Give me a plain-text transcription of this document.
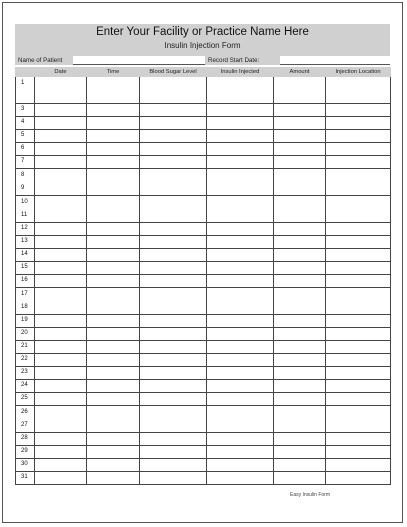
Enter Your Facility or Practice Name Here
Insulin Injection Form
Name of Patient	Record Start Date:
	Date	Time	Blood Sugar Level	Insulin Injected	Amount	Injection Location

1						

3						
4						
5						
6						
7						

8
9						

10
11						

12						
13						
14						
15						
16						

17
18						

19						
20						
21						
22						
23						
24						
25						

26
27						

28						
29						
30						
31						
Easy Insulin Form
